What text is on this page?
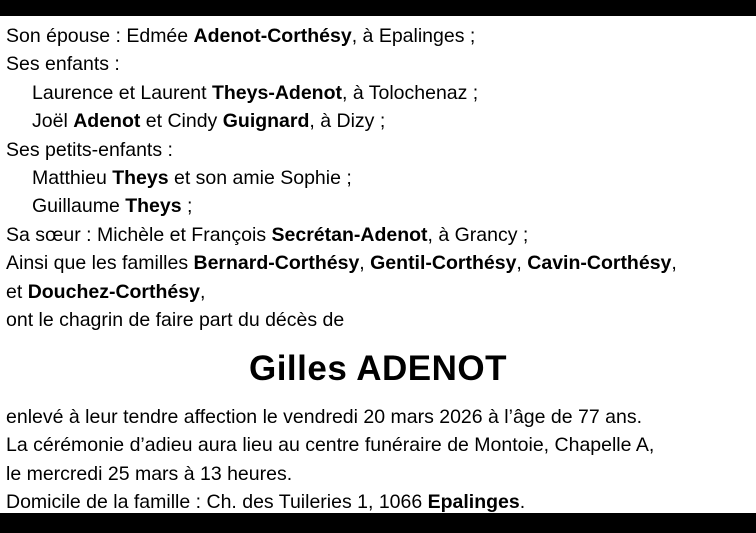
Son épouse : Edmée Adenot-Corthésy, à Epalinges ;
Ses enfants :
Laurence et Laurent Theys-Adenot, à Tolochenaz ;
Joël Adenot et Cindy Guignard, à Dizy ;
Ses petits-enfants :
Matthieu Theys et son amie Sophie ;
Guillaume Theys ;
Sa sœur : Michèle et François Secrétan-Adenot, à Grancy ;
Ainsi que les familles Bernard-Corthésy, Gentil-Corthésy, Cavin-Corthésy,
et Douchez-Corthésy,
ont le chagrin de faire part du décès de
Gilles ADENOT
enlevé à leur tendre affection le vendredi 20 mars 2026 à l’âge de 77 ans.
La cérémonie d’adieu aura lieu au centre funéraire de Montoie, Chapelle A,
le mercredi 25 mars à 13 heures.
Domicile de la famille : Ch. des Tuileries 1, 1066 Epalinges.
